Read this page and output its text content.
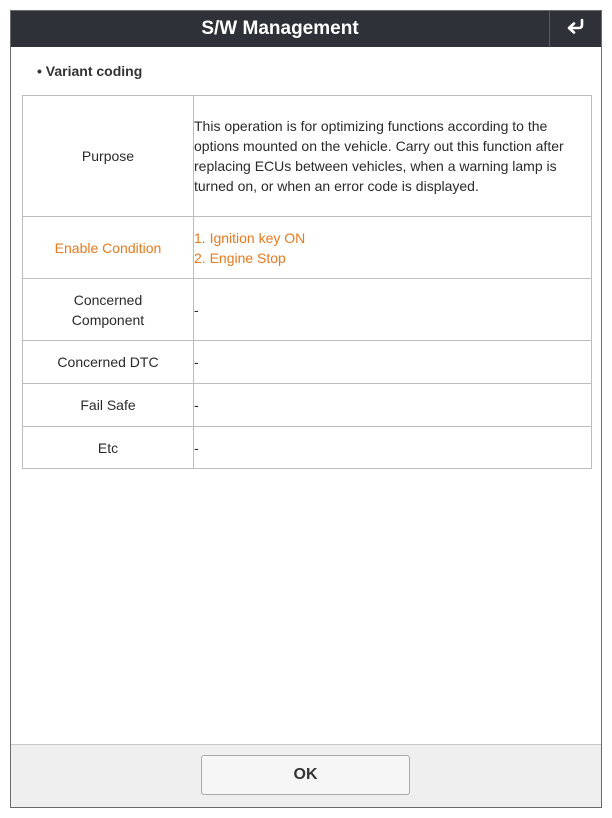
S/W Management
• Variant coding
Purpose	This operation is for optimizing functions according to the options mounted on the vehicle. Carry out this function after replacing ECUs between vehicles, when a warning lamp is turned on, or when an error code is displayed.
Enable Condition	1. Ignition key ON
2. Engine Stop

Concerned
Component	-
Concerned DTC	-
Fail Safe	-
Etc	-
OK
